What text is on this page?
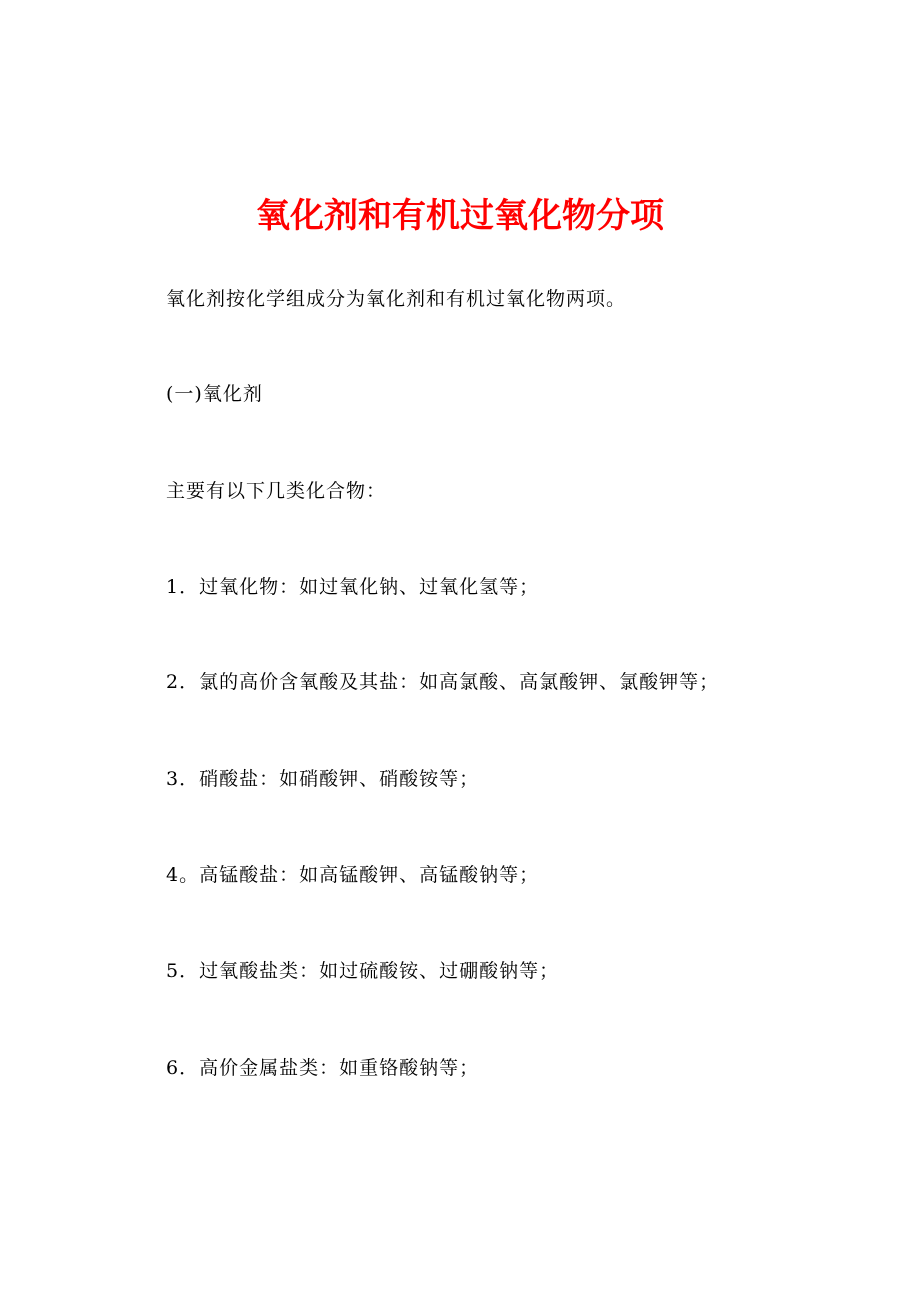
氧化剂和有机过氧化物分项

氧化剂按化学组成分为氧化剂和有机过氧化物两项。

(一)氧化剂

主要有以下几类化合物：

1．过氧化物：如过氧化钠、过氧化氢等；

2．氯的高价含氧酸及其盐：如高氯酸、高氯酸钾、氯酸钾等；

3．硝酸盐：如硝酸钾、硝酸铵等；

4。高锰酸盐：如高锰酸钾、高锰酸钠等；

5．过氧酸盐类：如过硫酸铵、过硼酸钠等；

6．高价金属盐类：如重铬酸钠等；
